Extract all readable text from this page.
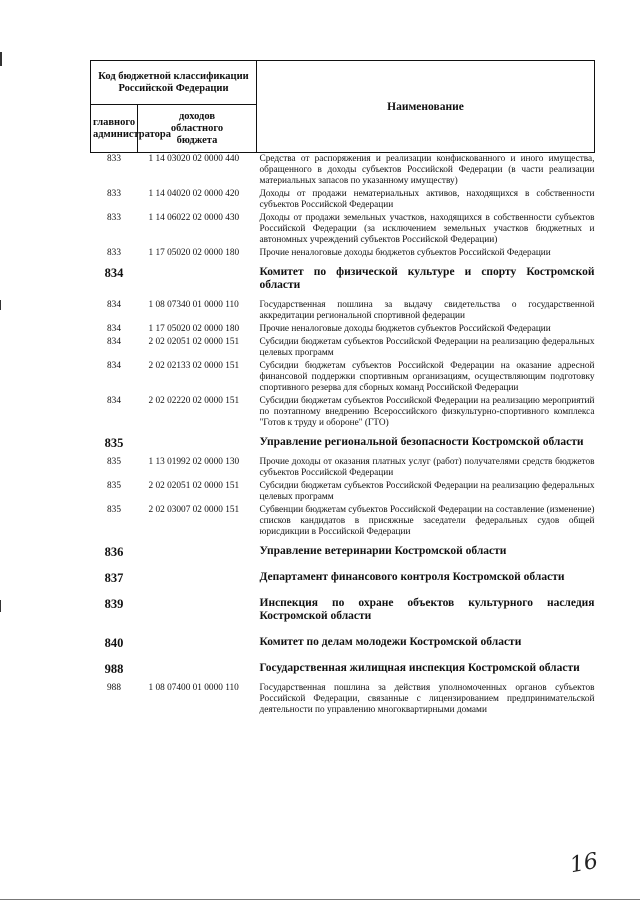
Код бюджетной классификации Российской Федерации		Наименование
главного администратора	доходов областного бюджета	
833	1 14 03020 02 0000 440	Средства от распоряжения и реализации конфискованного и иного имущества, обращенного в доходы субъектов Российской Федерации (в части реализации материальных запасов по указанному имуществу)
833	1 14 04020 02 0000 420	Доходы от продажи нематериальных активов, находящихся в собственности субъектов Российской Федерации
833	1 14 06022 02 0000 430	Доходы от продажи земельных участков, находящихся в собственности субъектов Российской Федерации (за исключением земельных участков бюджетных и автономных учреждений субъектов Российской Федерации)
833	1 17 05020 02 0000 180	Прочие неналоговые доходы бюджетов субъектов Российской Федерации
834		Комитет по физической культуре и спорту Костромской области
834	1 08 07340 01 0000 110	Государственная пошлина за выдачу свидетельства о государственной аккредитации региональной спортивной федерации
834	1 17 05020 02 0000 180	Прочие неналоговые доходы бюджетов субъектов Российской Федерации
834	2 02 02051 02 0000 151	Субсидии бюджетам субъектов Российской Федерации на реализацию федеральных целевых программ
834	2 02 02133 02 0000 151	Субсидии бюджетам субъектов Российской Федерации на оказание адресной финансовой поддержки спортивным организациям, осуществляющим подготовку спортивного резерва для сборных команд Российской Федерации
834	2 02 02220 02 0000 151	Субсидии бюджетам субъектов Российской Федерации на реализацию мероприятий по поэтапному внедрению Всероссийского физкультурно-спортивного комплекса "Готов к труду и обороне" (ГТО)
835		Управление региональной безопасности Костромской области
835	1 13 01992 02 0000 130	Прочие доходы от оказания платных услуг (работ) получателями средств бюджетов субъектов Российской Федерации
835	2 02 02051 02 0000 151	Субсидии бюджетам субъектов Российской Федерации на реализацию федеральных целевых программ
835	2 02 03007 02 0000 151	Субвенции бюджетам субъектов Российской Федерации на составление (изменение) списков кандидатов в присяжные заседатели федеральных судов общей юрисдикции в Российской Федерации
836		Управление ветеринарии Костромской области
837		Департамент финансового контроля Костромской области
839		Инспекция по охране объектов культурного наследия Костромской области
840		Комитет по делам молодежи Костромской области
988		Государственная жилищная инспекция Костромской области
988	1 08 07400 01 0000 110	Государственная пошлина за действия уполномоченных органов субъектов Российской Федерации, связанные с лицензированием предпринимательской деятельности по управлению многоквартирными домами
16
